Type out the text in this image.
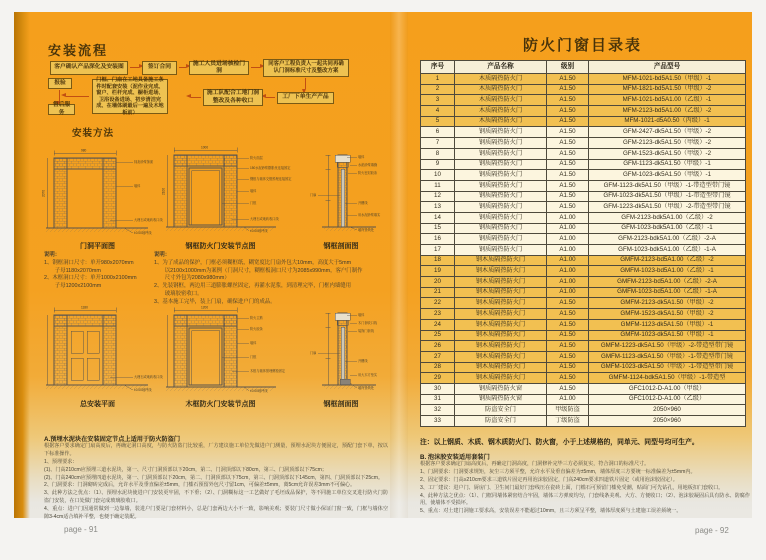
安装流程
客户确认产品深化及安装图	签订合同
施工人员进场核检门洞
同客户工程负责人一起共同再确认门洞标准尺寸及整改方案
工厂下单生产产品
施工队配合工地门洞整改及各种收口
门框、门扇在工地具备施工条件时配套安装（泥作业完成、窗户、栏杆完成、橱柜进场、卫浴设备进场、初步清洁完成、在墙体刷最后一遍及木地板前）
报验
售后服务
安装方法
980
2070
抹灰砂浆饰面
墙体
大理石或地砖收口线
±0.00地坪线
1000
2100
防火面层
150水泥砂浆膨胀丝连接固定
钢框与墙体交错预埋连接固定
墙体
门框
大理石或地砖收口线
±0.00地坪线
墙体
水泥砂浆填缝
防火密封胶条
门扇
开槽线
用水泥砂浆填实
墙内垫块处
门洞平面图	钢框防火门安装节点图	钢框剖面图
说明：
1、钢框洞口尺寸：单开980x2070mm
　　子母1180x2070mm
2、木框洞口尺寸：单开1000x2100mm
　　子母1200x2100mm
说明：
1、为了成品的保护，门框必须糊框纸，糊宽度比门扇外包大10mm，高度大于5mm
　　以2100x1000mm为案例（门洞尺寸，糊框板洞口尺寸为2085x990mm，客户门制作
　　尺寸外包为2080x980mm）
2、先装钢框，两边用三道膨胀螺丝固定，再灌水泥浆，到清理完毕，门框内墙缝用
　　玻璃胶密收口。
3、基本施工完毕，装上门扇，确保进户门的成品。
1180
大理石或地砖收口线
±0.00地坪线
1200
防火主筋
防火胶条
墙体
门框
木框与墙体预埋螺栓固定
±0.00地坪线
墙体
木门套收口线
装饰门套线
门扇
开槽线
用大木方垫实
墙内垫块处
总安装平面	木框防火门安装节点图	钢框剖面图
A.预埋水泥块在安装固定节点上适用于防火防盗门
根据客户要求确定门扇高度后，再确定洞口高度，与防火防盗门比较重，厂方建议施工单位先做进户门测量，预埋水泥块方便固定，预配门套下单，按以下标准操作。
1、预埋要求：
(1)、门高210cm应预埋三道水泥块，第一、尺寸门洞顶部以下20cm，第二、门洞顶部以下80cm，第三、门洞顶部以下75cm；
(2)、门高240cm应预埋四道水泥块，第一、门洞顶部以下20cm，第二、门洞顶部以下75cm，第三、门洞顶部以下145cm，第四、门洞顶部以下25cm。
2、门洞要求：门洞砌砖完成后，允许水平及垂直偏差±5mm，门槛石预留外包尺寸留1cm，可偏差±5mm，离5cm允许误差3mm不可偏心。
3、此种方法之优点：（1）、预埋水泥块使进户门安装更牢固，不下垂；（2）、门洞糊标这一工艺做好了毛坯成品保护，等不同施工单位交叉进行防火门防盗门安装，在口处做门套完成玻璃胶收口。
4、重点：进户门因通常做到一边靠墙，装进户门要是门套材料小，总是门套两边大小不一致，影响美观；要装门尺寸做小保证门窗一致，门框与墙体空隙3-4cm适合填补平整，也便于确定装配。
page - 91
防火门窗目录表
序号	产品名称	级别	产品型号
1	木质隔热防火门	A1.50	MFM-1021-bd5A1.50（甲级）-1
2	木质隔热防火门	A1.50	MFM-1821-bd5A1.50（甲级）-2
3	木质隔热防火门	A1.50	MFM-1021-bd5A1.00（乙级）-1
4	木质隔热防火门	A1.50	MFM-2123-bd5A1.00（乙级）-2
5	木质隔热防火门	A1.50	MFM-1021-d5A0.50（丙级）-1
6	钢质隔热防火门	A1.50	GFM-2427-dk5A1.50（甲级）-2
7	钢质隔热防火门	A1.50	GFM-2123-dk5A1.50（甲级）-2
8	钢质隔热防火门	A1.50	GFM-1523-dk5A1.50（甲级）-2
9	钢质隔热防火门	A1.50	GFM-1123-dk5A1.50（甲级）-1
10	钢质隔热防火门	A1.50	GFM-1023-dk5A1.50（甲级）-1
11	钢质隔热防火门	A1.50	GFM-1123-dk5A1.50（甲级）-1-带造型带门镜
12	钢质隔热防火门	A1.50	GFM-1023-dk5A1.50（甲级）-1-带造型带门镜
13	钢质隔热防火门	A1.50	GFM-1223-dk5A1.50（甲级）-2-带造型带门镜
14	钢质隔热防火门	A1.00	GFM-2123-bdk5A1.00（乙级）-2
15	钢质隔热防火门	A1.00	GFM-1023-bdk5A1.00（乙级）-1
16	钢质隔热防火门	A1.00	GFM-2123-bdk5A1.00（乙级）-2-A
17	钢质隔热防火门	A1.00	GFM-1023-bdk5A1.00（乙级）-1-A
18	钢木质隔热防火门	A1.00	GMFM-2123-bd5A1.00（乙级）-2
19	钢木质隔热防火门	A1.00	GMFM-1023-bd5A1.00（乙级）-1
20	钢木质隔热防火门	A1.00	GMFM-2123-bd5A1.00（乙级）-2-A
21	钢木质隔热防火门	A1.00	GMFM-1023-bd5A1.00（乙级）-1-A
22	钢木质隔热防火门	A1.50	GMFM-2123-dk5A1.50（甲级）-2
23	钢木质隔热防火门	A1.50	GMFM-1523-dk5A1.50（甲级）-2
24	钢木质隔热防火门	A1.50	GMFM-1123-dk5A1.50（甲级）-1
25	钢木质隔热防火门	A1.50	GMFM-1023-dk5A1.50（甲级）-1
26	钢木质隔热防火门	A1.50	GMFM-1223-dk5A1.50（甲级）-2-带造型带门镜
27	钢木质隔热防火门	A1.50	GMFM-1123-dk5A1.50（甲级）-1-带造型带门镜
28	钢木质隔热防火门	A1.50	GMFM-1023-dk5A1.50（甲级）-1-带造型带门镜
29	钢木质隔热防火门	A1.50	GMFM-1124-bdk5A1.50（甲级）-1-带造型
30	钢质隔热防火窗	A1.50	GFC1012-D-A1.00（甲级）
31	钢质隔热防火窗	A1.00	GFC1012-D-A1.00（乙级）
32	防盗安全门	甲级防盗	2050×960
33	防盗安全门	丁级防盗	2050×960
注：以上钢质、木质、钢木质防火门、防火窗，小于上述规格的，同单元、同型号均可生产。
B. 泡沫胶安装适用套装门
根据客户要求确定门扇高度后，再确定门洞高度，门洞修补完毕三方必须复实，符合洞口的标准尺寸。
1、门洞要求：门洞要求规矩，灰尘三方须平整，允许水平及垂直偏差为±5mm，墙体厚度三方要统一标准偏差为±5mm内。
2、固定要求：门高≥210cm要求三道铁片固定再用泡沫胶固定，门高240cm要求四道铁片固定（或用泡沫胶固定）。
3、工厂建议：进户门、厨房门、卫生间门最好门套线压在瓷砖上面，门槛石可预留门槛免受潮，贴面门可先钻孔，用地板扣门套收口。
4、此种方法之优点：（1）、门框同墙体紧密结合牢固，墙体三方弹度均匀，门套线条美观、大方、方便收口；（2）、泡沫胶凝固后具有防水、防腐作用，使墙体不受损坏。
5、重点：对土建门洞施工要求高，安装误差不能超过10mm，且三方须呈平整，墙体厚度须与土建施工误差须统一。
page - 92
